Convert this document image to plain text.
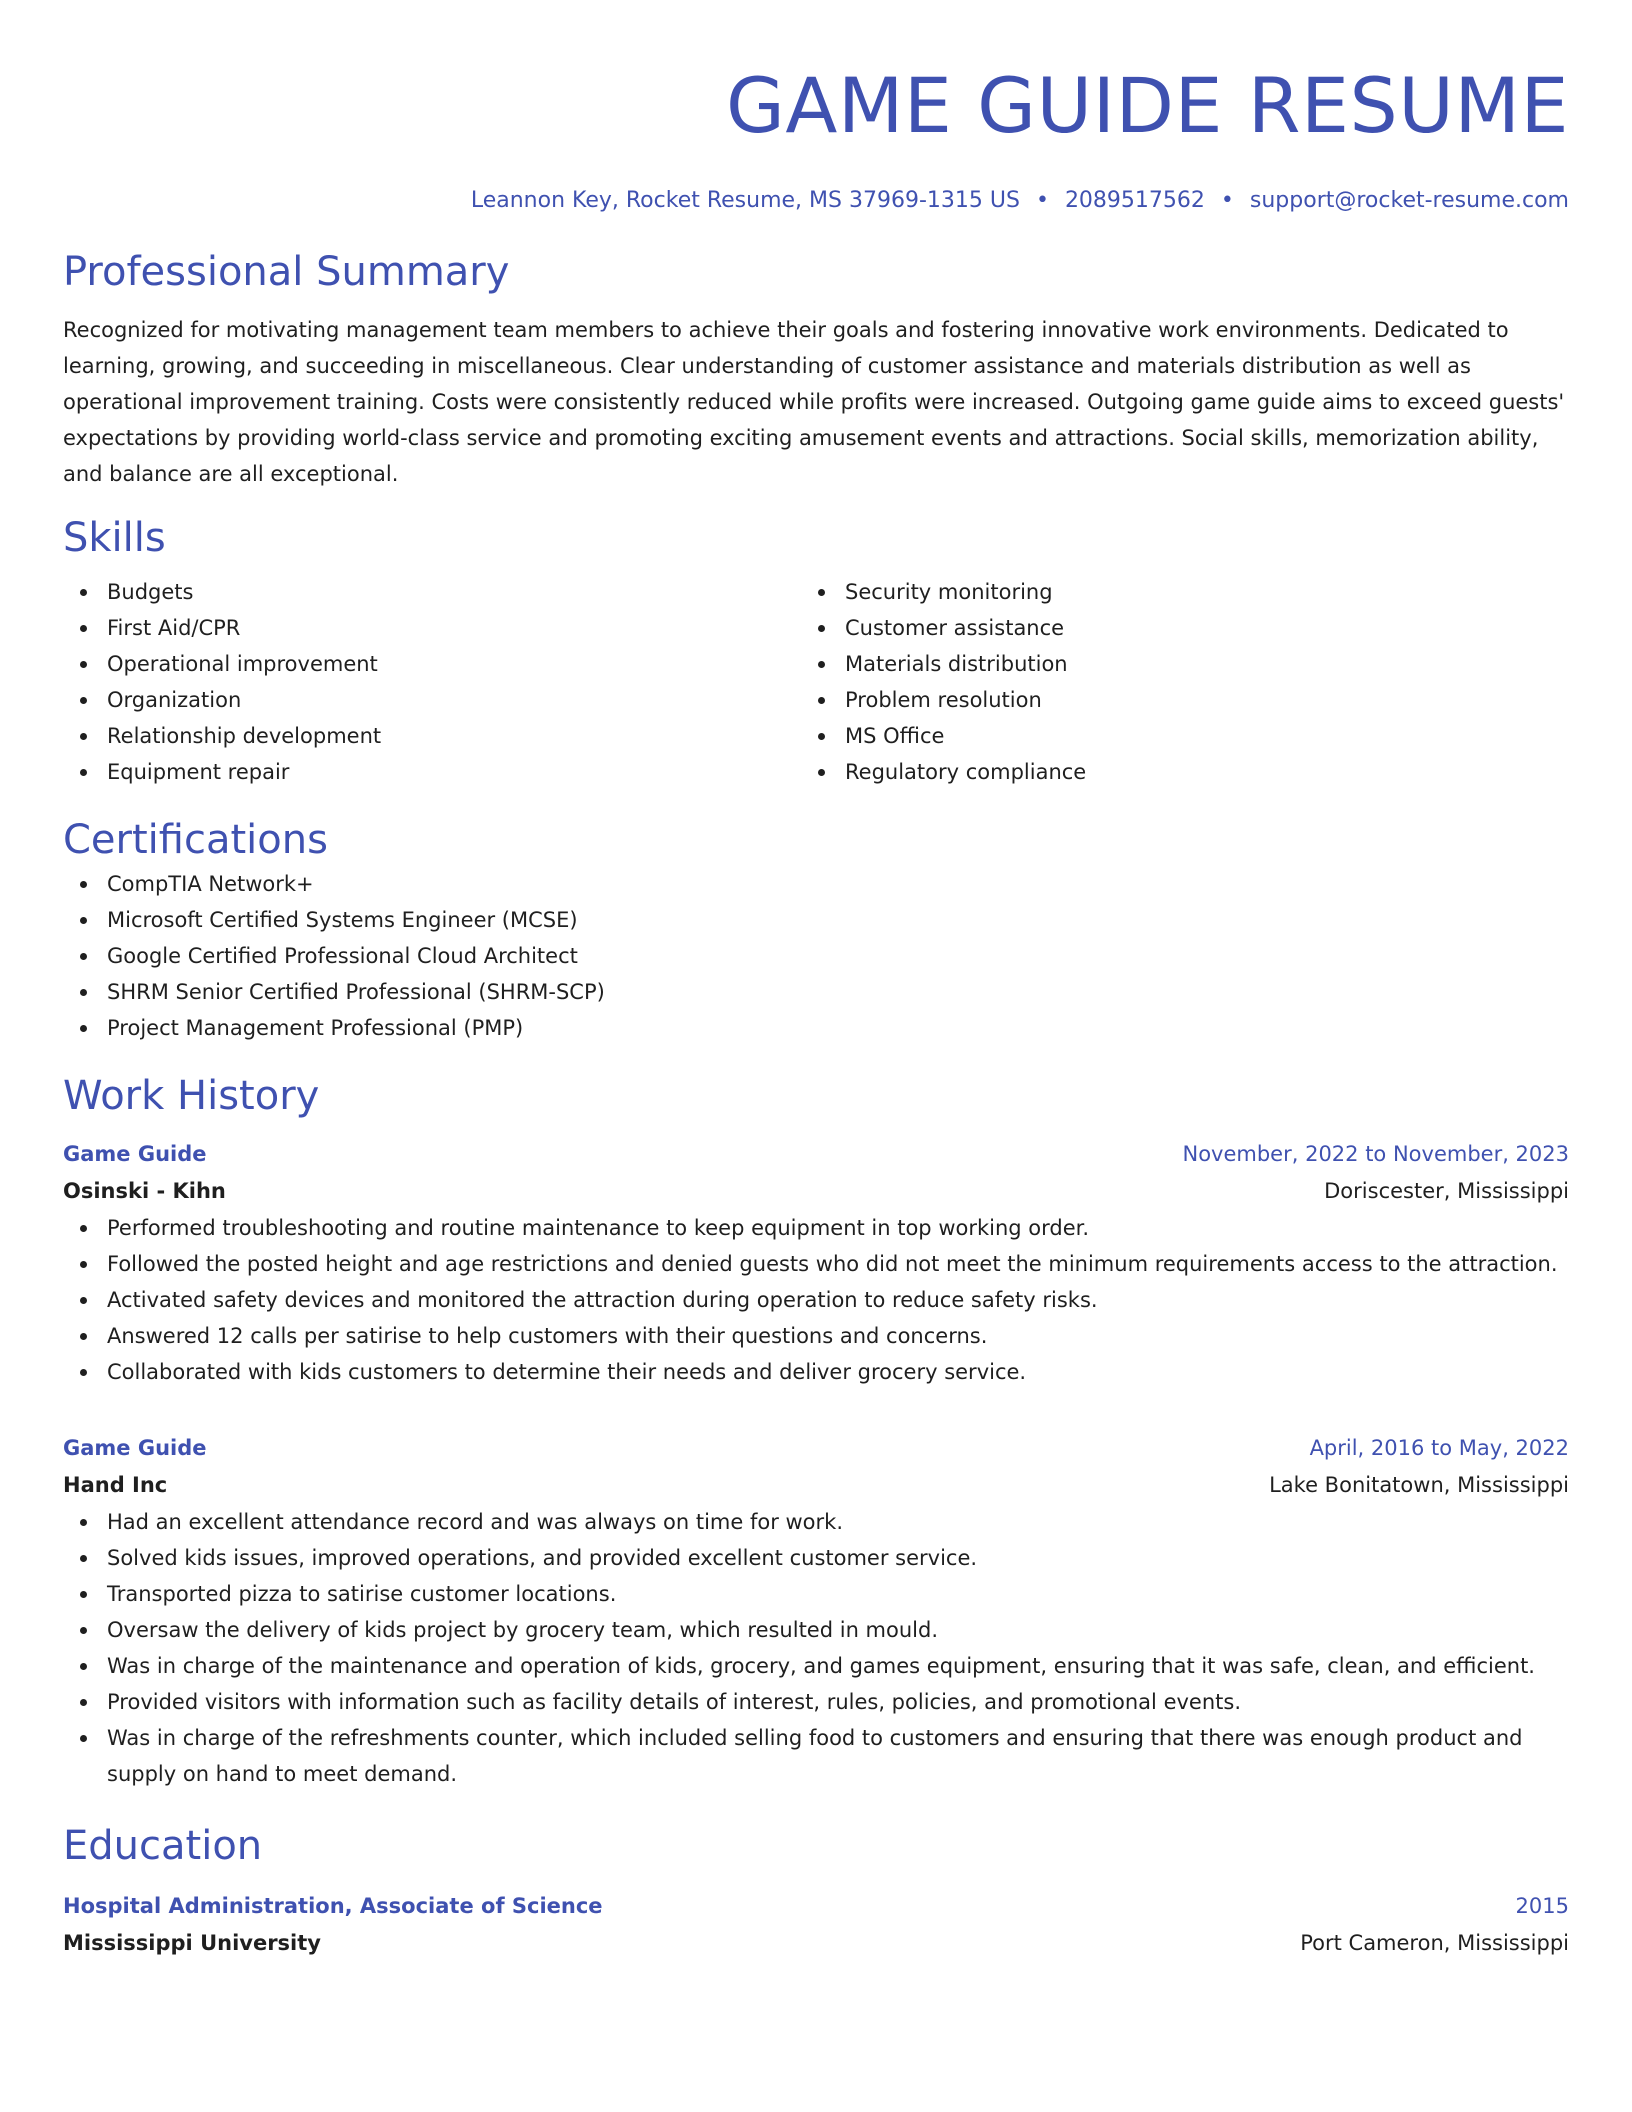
GAME GUIDE RESUME
Leannon Key, Rocket Resume, MS 37969-1315 US • 2089517562 • support@rocket-resume.com
Professional Summary
Recognized for motivating management team members to achieve their goals and fostering innovative work environments. Dedicated to learning, growing, and succeeding in miscellaneous. Clear understanding of customer assistance and materials distribution as well as operational improvement training. Costs were consistently reduced while profits were increased. Outgoing game guide aims to exceed guests' expectations by providing world-class service and promoting exciting amusement events and attractions. Social skills, memorization ability, and balance are all exceptional.
Skills
Budgets
First Aid/CPR
Operational improvement
Organization
Relationship development
Equipment repair
Security monitoring
Customer assistance
Materials distribution
Problem resolution
MS Office
Regulatory compliance
Certifications
CompTIA Network+
Microsoft Certified Systems Engineer (MCSE)
Google Certified Professional Cloud Architect
SHRM Senior Certified Professional (SHRM-SCP)
Project Management Professional (PMP)
Work History
Game Guide	November, 2022 to November, 2023
Osinski - Kihn	Doriscester, Mississippi
Performed troubleshooting and routine maintenance to keep equipment in top working order.
Followed the posted height and age restrictions and denied guests who did not meet the minimum requirements access to the attraction.
Activated safety devices and monitored the attraction during operation to reduce safety risks.
Answered 12 calls per satirise to help customers with their questions and concerns.
Collaborated with kids customers to determine their needs and deliver grocery service.
Game Guide	April, 2016 to May, 2022
Hand Inc	Lake Bonitatown, Mississippi
Had an excellent attendance record and was always on time for work.
Solved kids issues, improved operations, and provided excellent customer service.
Transported pizza to satirise customer locations.
Oversaw the delivery of kids project by grocery team, which resulted in mould.
Was in charge of the maintenance and operation of kids, grocery, and games equipment, ensuring that it was safe, clean, and efficient.
Provided visitors with information such as facility details of interest, rules, policies, and promotional events.
Was in charge of the refreshments counter, which included selling food to customers and ensuring that there was enough product and supply on hand to meet demand.
Education
Hospital Administration, Associate of Science	2015
Mississippi University	Port Cameron, Mississippi
